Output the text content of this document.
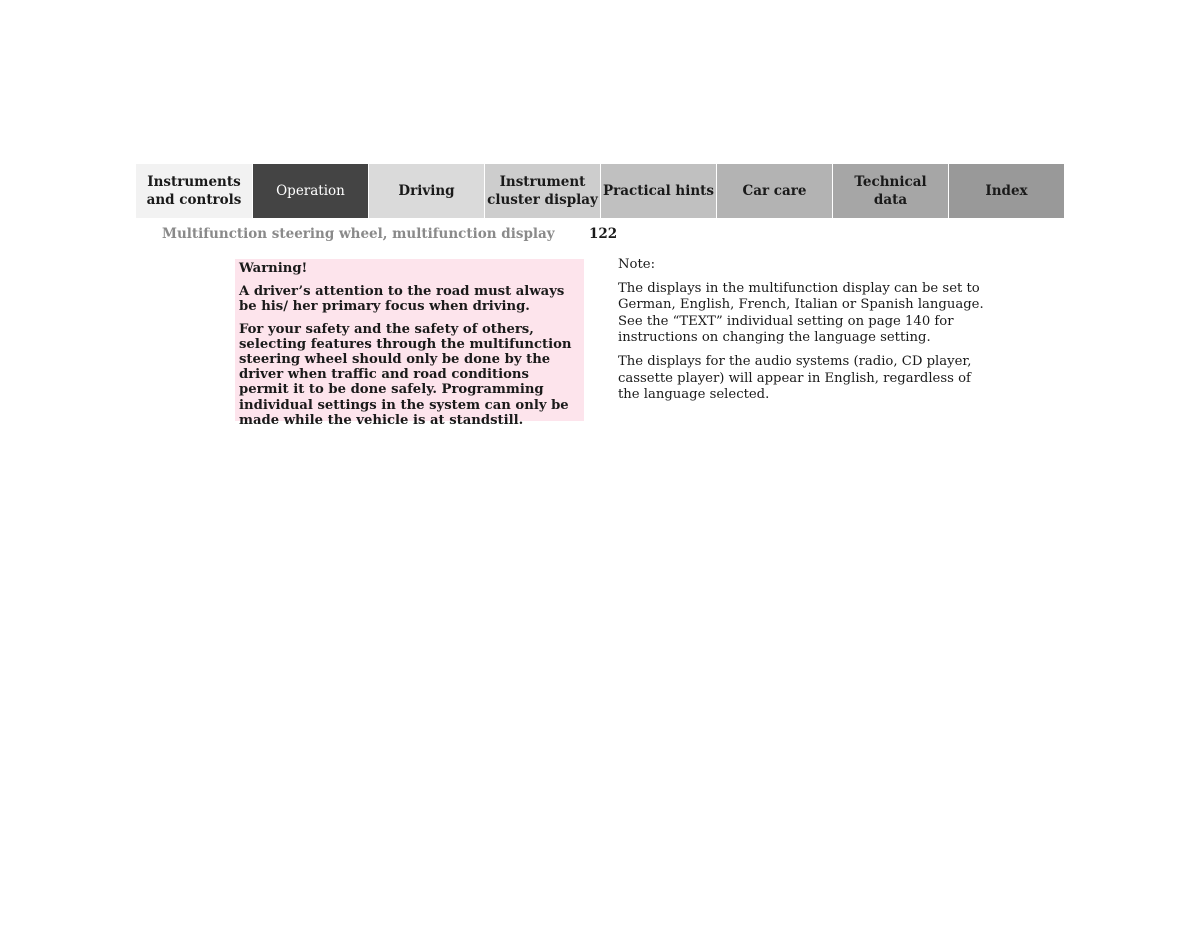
Instruments
and controls
Operation	Driving
Instrument
cluster display
Practical hints	Car care
Technical
data
Index
Multifunction steering wheel, multifunction display	122

Warning!

A driver’s attention to the road must always be his/ her primary focus when driving.

For your safety and the safety of others, selecting features through the multifunction steering wheel should only be done by the driver when traffic and road conditions permit it to be done safely. Programming individual settings in the system can only be made while the vehicle is at standstill.

Note:

The displays in the multifunction display can be set to German, English, French, Italian or Spanish language. See the “TEXT” individual setting on page 140 for instructions on changing the language setting.

The displays for the audio systems (radio, CD player, cassette player) will appear in English, regardless of the language selected.
